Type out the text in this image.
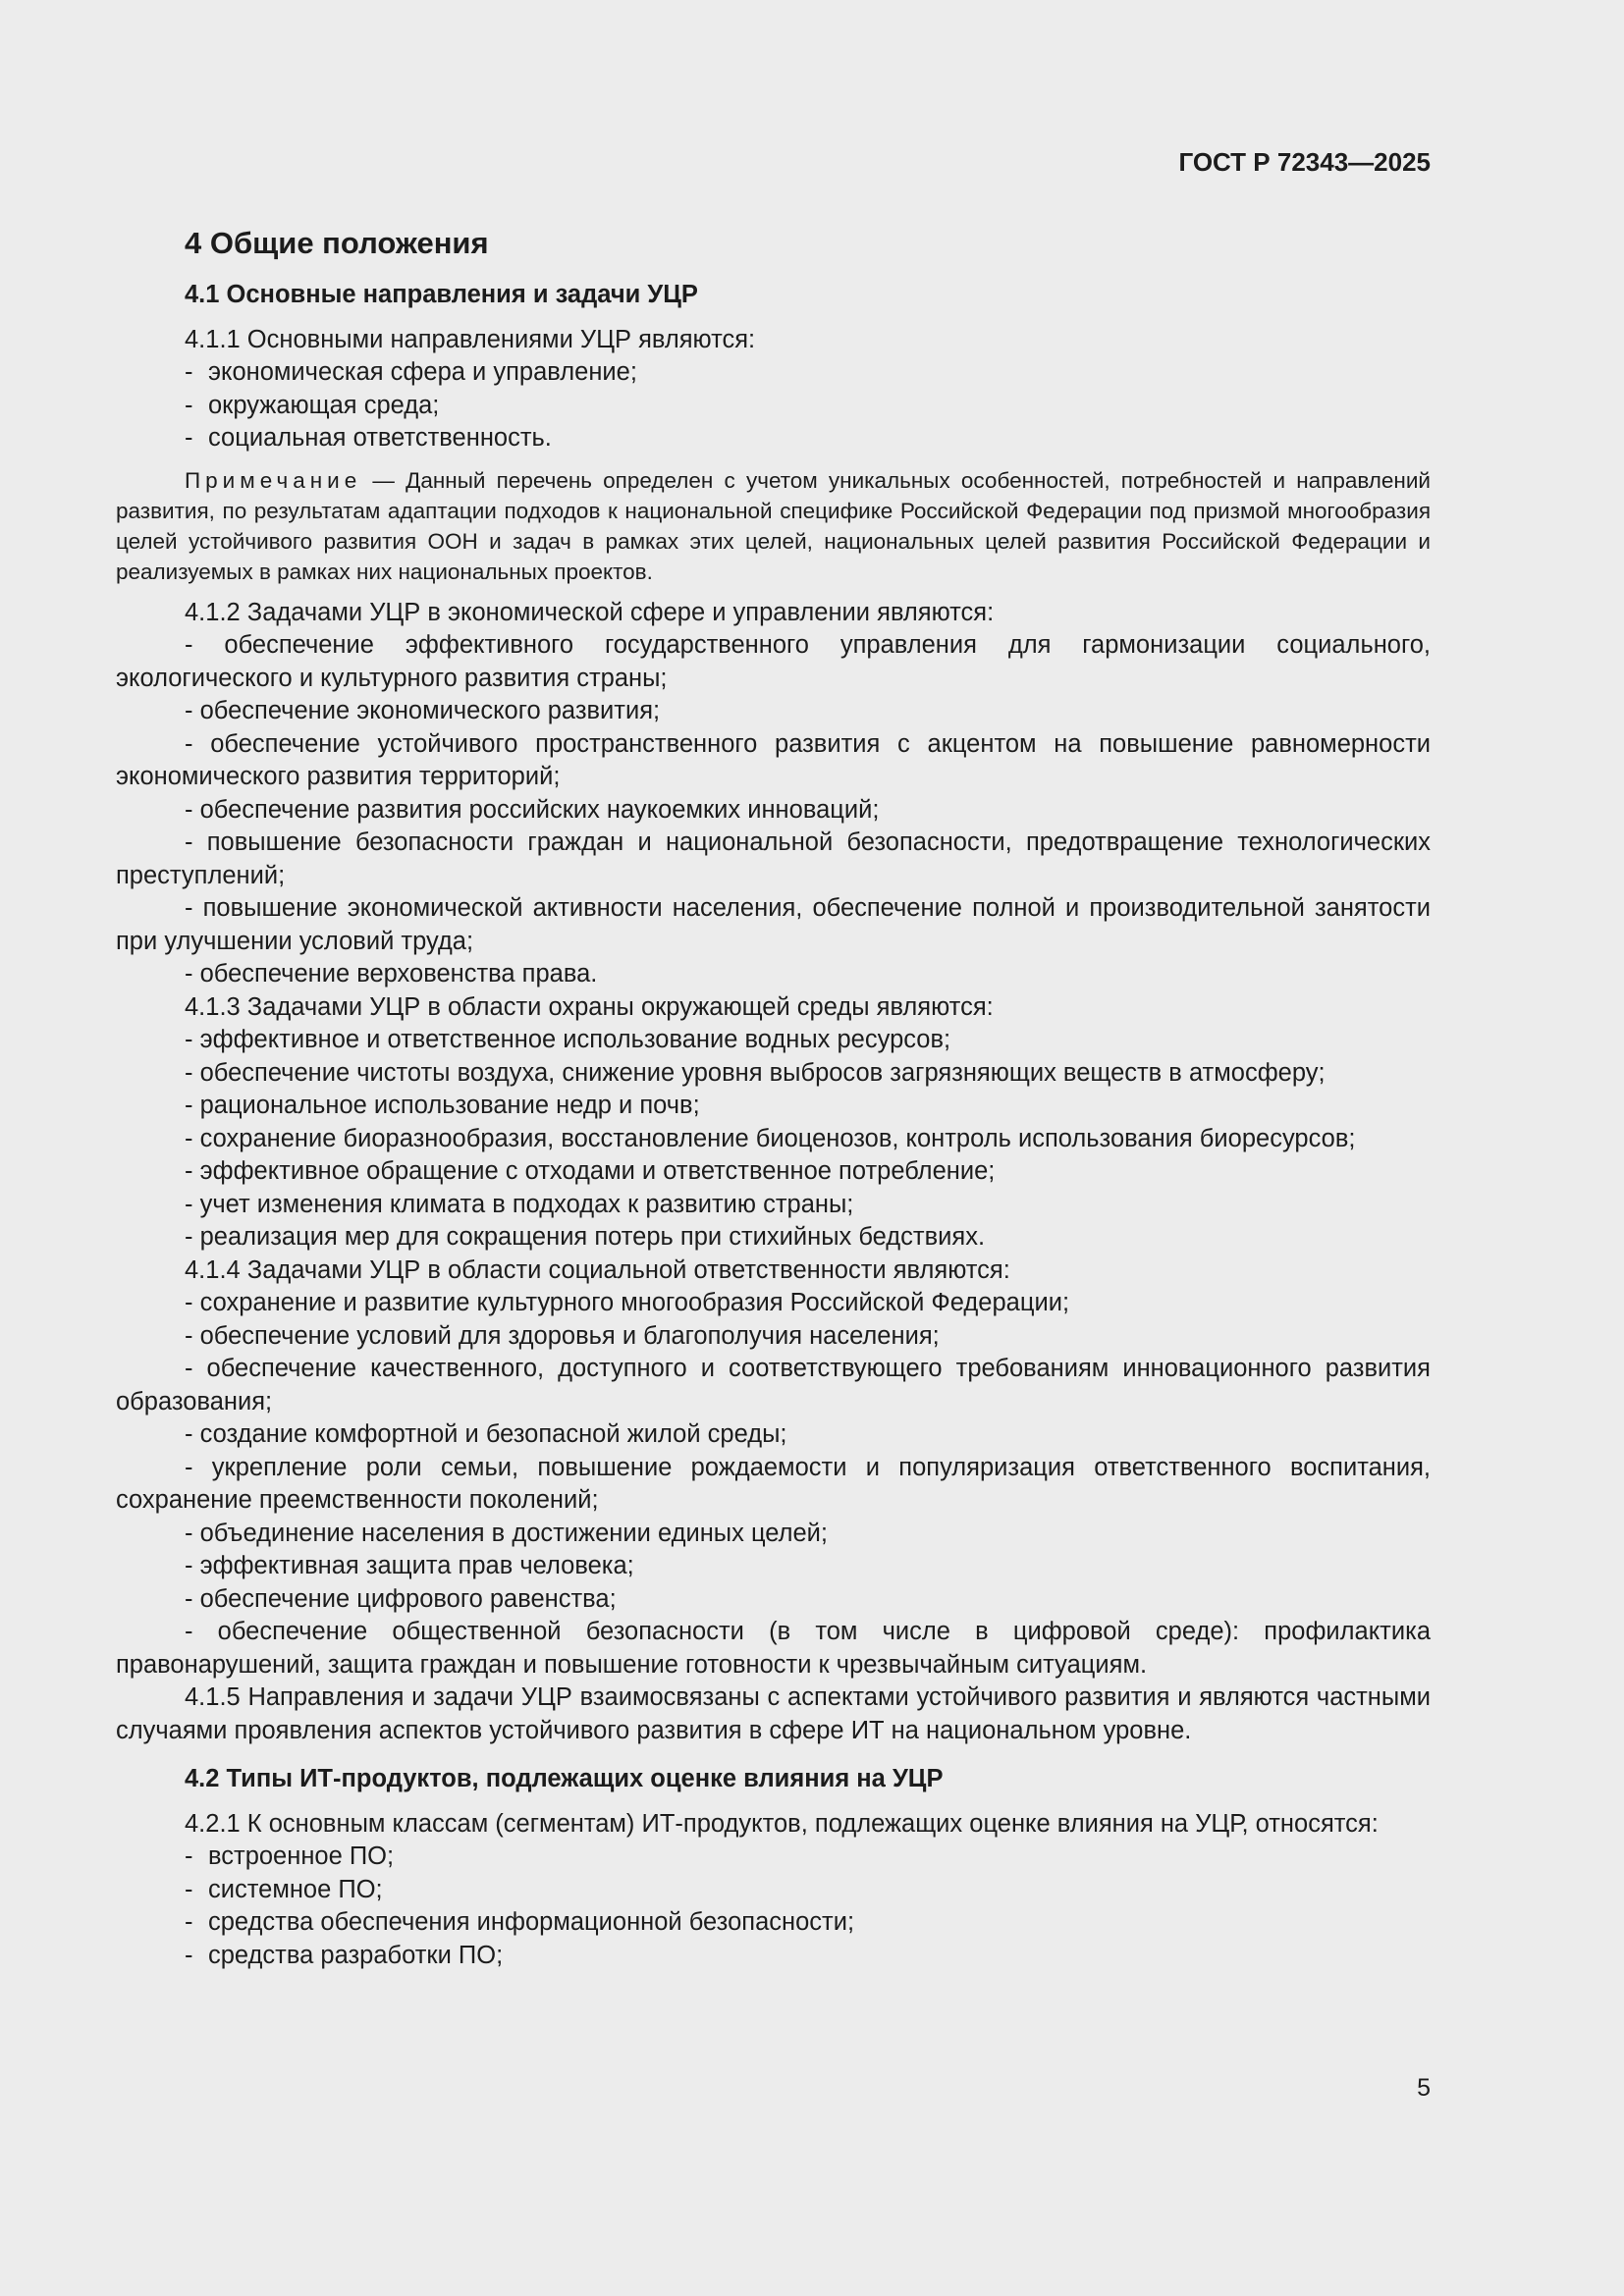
ГОСТ Р 72343—2025
4 Общие положения
4.1 Основные направления и задачи УЦР

4.1.1 Основными направлениями УЦР являются:

- экономическая сфера и управление;
- окружающая среда;
- социальная ответственность.

Примечание — Данный перечень определен с учетом уникальных особенностей, потребностей и направлений развития, по результатам адаптации подходов к национальной специфике Российской Федерации под призмой многообразия целей устойчивого развития ООН и задач в рамках этих целей, национальных целей развития Российской Федерации и реализуемых в рамках них национальных проектов.

4.1.2 Задачами УЦР в экономической сфере и управлении являются:

- обеспечение эффективного государственного управления для гармонизации социального, экологического и культурного развития страны;

- обеспечение экономического развития;

- обеспечение устойчивого пространственного развития с акцентом на повышение равномерности экономического развития территорий;

- обеспечение развития российских наукоемких инноваций;

- повышение безопасности граждан и национальной безопасности, предотвращение технологических преступлений;

- повышение экономической активности населения, обеспечение полной и производительной занятости при улучшении условий труда;

- обеспечение верховенства права.

4.1.3 Задачами УЦР в области охраны окружающей среды являются:

- эффективное и ответственное использование водных ресурсов;

- обеспечение чистоты воздуха, снижение уровня выбросов загрязняющих веществ в атмосферу;

- рациональное использование недр и почв;

- сохранение биоразнообразия, восстановление биоценозов, контроль использования биоресурсов;

- эффективное обращение с отходами и ответственное потребление;

- учет изменения климата в подходах к развитию страны;

- реализация мер для сокращения потерь при стихийных бедствиях.

4.1.4 Задачами УЦР в области социальной ответственности являются:

- сохранение и развитие культурного многообразия Российской Федерации;

- обеспечение условий для здоровья и благополучия населения;

- обеспечение качественного, доступного и соответствующего требованиям инновационного развития образования;

- создание комфортной и безопасной жилой среды;

- укрепление роли семьи, повышение рождаемости и популяризация ответственного воспитания, сохранение преемственности поколений;

- объединение населения в достижении единых целей;

- эффективная защита прав человека;

- обеспечение цифрового равенства;

- обеспечение общественной безопасности (в том числе в цифровой среде): профилактика правонарушений, защита граждан и повышение готовности к чрезвычайным ситуациям.

4.1.5 Направления и задачи УЦР взаимосвязаны с аспектами устойчивого развития и являются частными случаями проявления аспектов устойчивого развития в сфере ИТ на национальном уровне.

4.2 Типы ИТ-продуктов, подлежащих оценке влияния на УЦР

4.2.1 К основным классам (сегментам) ИТ-продуктов, подлежащих оценке влияния на УЦР, относятся:

- встроенное ПО;
- системное ПО;
- средства обеспечения информационной безопасности;
- средства разработки ПО;
5
